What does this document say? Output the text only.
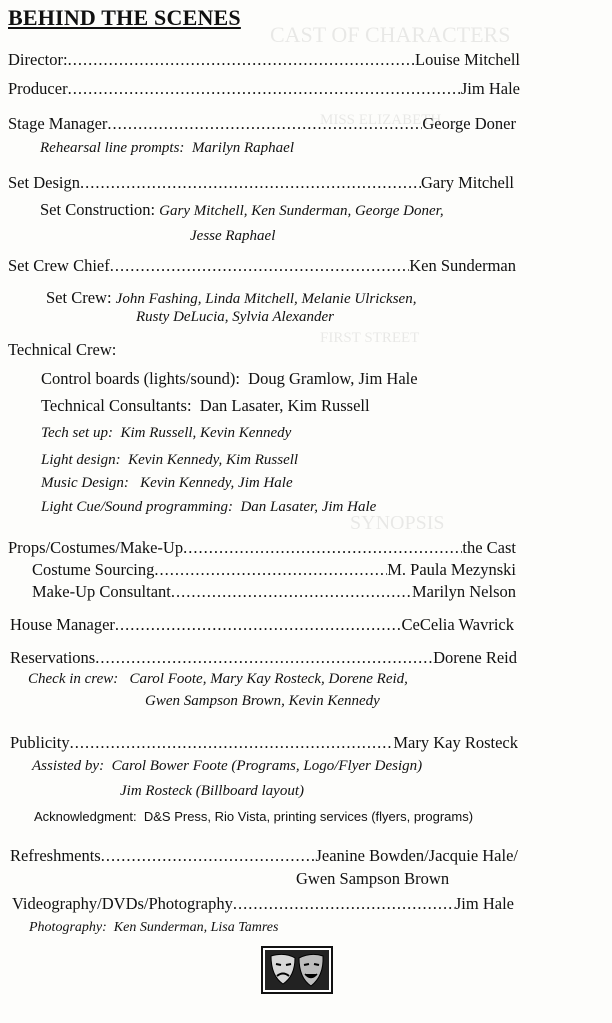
CAST OF CHARACTERS
MISS ELIZABETH
FIRST STREET
SYNOPSIS
BEHIND THE SCENES
Director: .....	Louise Mitchell
Producer .....	Jim Hale
Stage Manager .....	George Doner
Rehearsal line prompts: Marilyn Raphael
Set Design .....	Gary Mitchell
Set Construction: Gary Mitchell, Ken Sunderman, George Doner,
Jesse Raphael
Set Crew Chief .....	Ken Sunderman
Set Crew: John Fashing, Linda Mitchell, Melanie Ulricksen,
Rusty DeLucia, Sylvia Alexander
Technical Crew:
Control boards (lights/sound): Doug Gramlow, Jim Hale
Technical Consultants: Dan Lasater, Kim Russell
Tech set up: Kim Russell, Kevin Kennedy
Light design: Kevin Kennedy, Kim Russell
Music Design: Kevin Kennedy, Jim Hale
Light Cue/Sound programming: Dan Lasater, Jim Hale
Props/Costumes/Make-Up .....	the Cast
Costume Sourcing .....	M. Paula Mezynski
Make-Up Consultant .....	Marilyn Nelson
House Manager .....	CeCelia Wavrick
Reservations .....	Dorene Reid
Check in crew: Carol Foote, Mary Kay Rosteck, Dorene Reid,
Gwen Sampson Brown, Kevin Kennedy
Publicity .....	Mary Kay Rosteck
Assisted by: Carol Bower Foote (Programs, Logo/Flyer Design)
Jim Rosteck (Billboard layout)
Acknowledgment: D&S Press, Rio Vista, printing services (flyers, programs)
Refreshments .....	Jeanine Bowden/Jacquie Hale/
Gwen Sampson Brown
Videography/DVDs/Photography .....	Jim Hale
Photography: Ken Sunderman, Lisa Tamres
